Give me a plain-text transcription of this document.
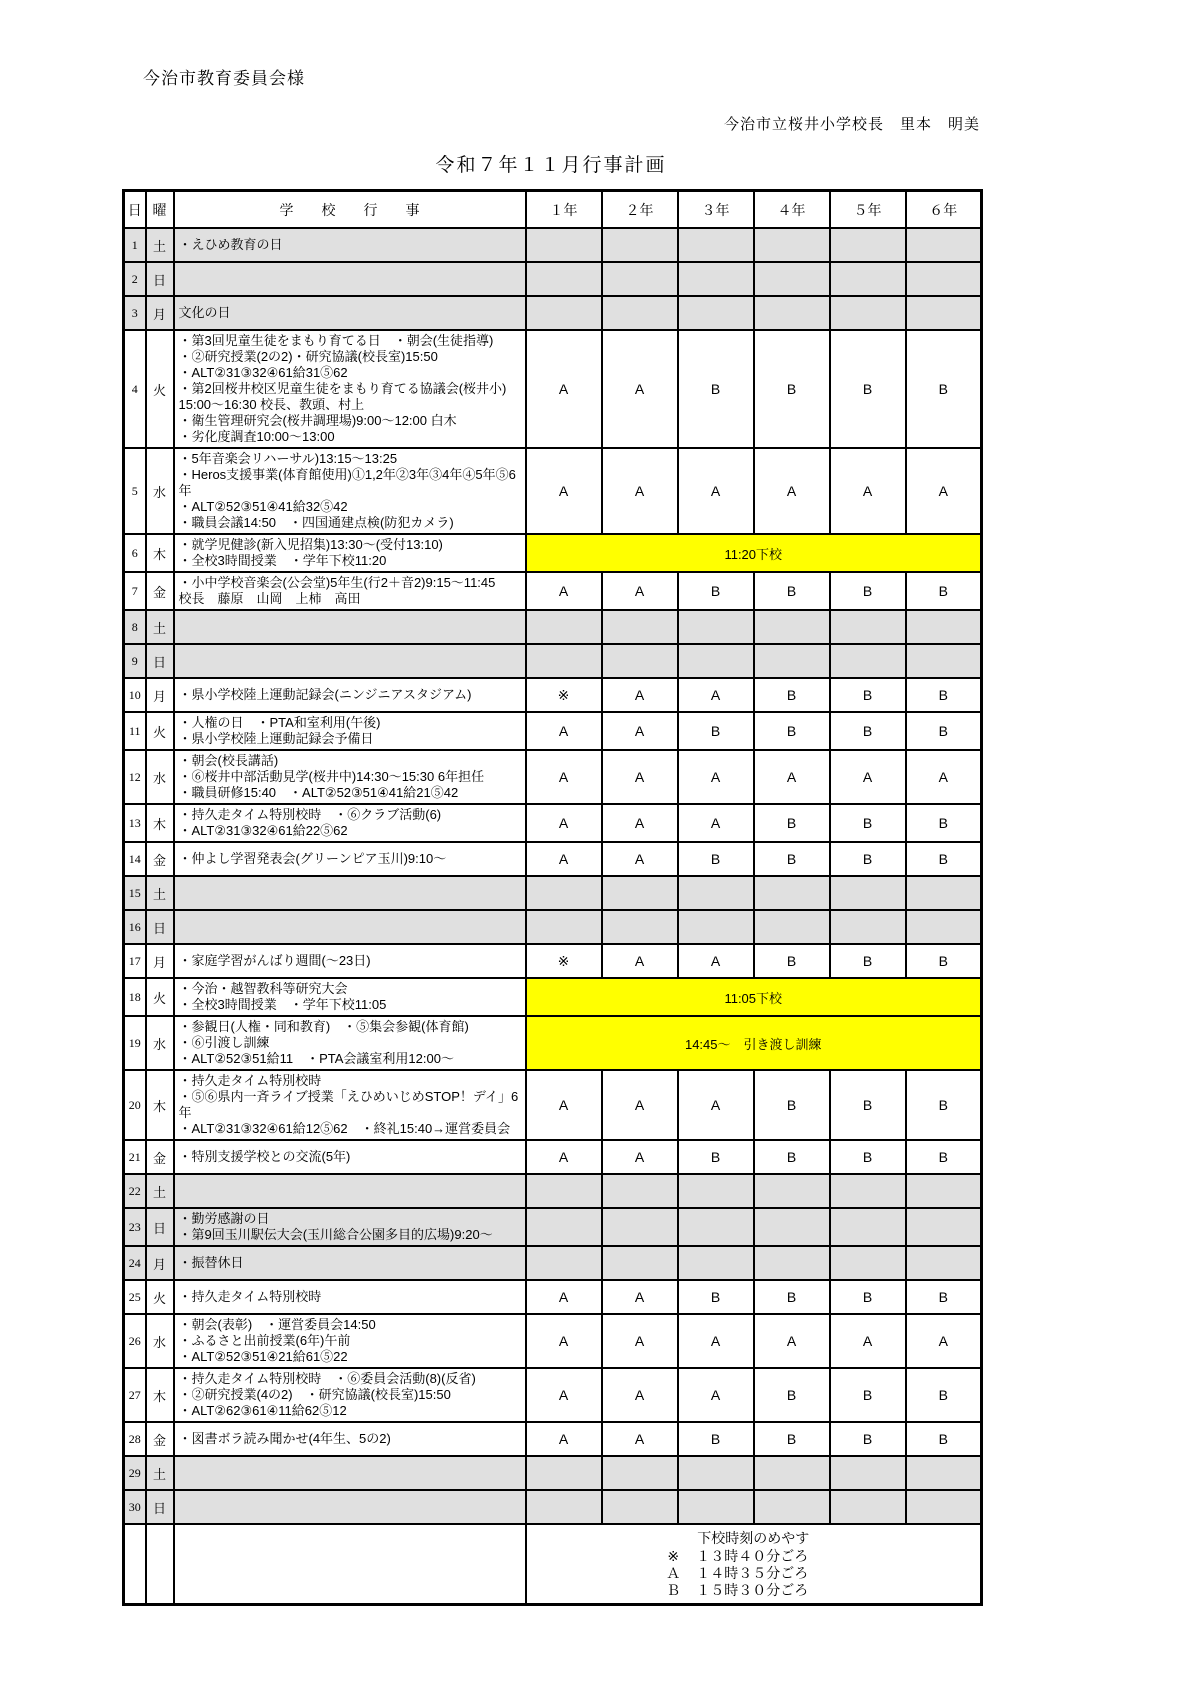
今治市教育委員会様
今治市立桜井小学校長　里本　明美
令和７年１１月行事計画
日	曜	学　　校　　行　　事	１年	２年	３年	４年	５年	６年
1	土	・えひめ教育の日						

2	日							
3	月	文化の日						

4	火	
・第3回児童生徒をまもり育てる日　・朝会(生徒指導)
・②研究授業(2の2)・研究協議(校長室)15:50
・ALT②31③32④61給31⑤62
・第2回桜井校区児童生徒をまもり育てる協議会(桜井小)
15:00～16:30 校長、教頭、村上
・衛生管理研究会(桜井調理場)9:00～12:00 白木
・劣化度調査10:00～13:00
	A	A	B	B	B	B
5	水	・5年音楽会リハーサル)13:15～13:25
・Heros支援事業(体育館使用)①1,2年②3年③4年④5年⑤6年
・ALT②52③51④41給32⑤42
・職員会議14:50　・四国通建点検(防犯カメラ)	A	A	A	A	A	A
6	木	・就学児健診(新入児招集)13:30～(受付13:10)
・全校3時間授業　・学年下校11:20	11:20下校					
7	金	・小中学校音楽会(公会堂)5年生(行2＋音2)9:15～11:45
校長　藤原　山岡　上柿　高田	A	A	B	B	B	B
8	土							
9	日							
10	月	・県小学校陸上運動記録会(ニンジニアスタジアム)	※	A	A	B	B	B
11	火	・人権の日　・PTA和室利用(午後)
・県小学校陸上運動記録会予備日	A	A	B	B	B	B
12	水	・朝会(校長講話)
・⑥桜井中部活動見学(桜井中)14:30～15:30 6年担任
・職員研修15:40　・ALT②52③51④41給21⑤42	A	A	A	A	A	A
13	木	・持久走タイム特別校時　・⑥クラブ活動(6)
・ALT②31③32④61給22⑤62	A	A	A	B	B	B
14	金	・仲よし学習発表会(グリーンピア玉川)9:10～	A	A	B	B	B	B
15	土							
16	日							
17	月	・家庭学習がんばり週間(～23日)	※	A	A	B	B	B
18	火	・今治・越智教科等研究大会
・全校3時間授業　・学年下校11:05	11:05下校					
19	水	・参観日(人権・同和教育)　・⑤集会参観(体育館)
・⑥引渡し訓練
・ALT②52③51給11　・PTA会議室利用12:00～	14:45～　引き渡し訓練					
20	木	・持久走タイム特別校時
・⑤⑥県内一斉ライブ授業「えひめいじめSTOP！デイ」6年
・ALT②31③32④61給12⑤62　・終礼15:40→運営委員会	A	A	A	B	B	B
21	金	・特別支援学校との交流(5年)	A	A	B	B	B	B
22	土							
23	日	・勤労感謝の日
・第9回玉川駅伝大会(玉川総合公園多目的広場)9:20～						

24	月	・振替休日						

25	火	・持久走タイム特別校時	A	A	B	B	B	B
26	水	・朝会(表彰)　・運営委員会14:50
・ふるさと出前授業(6年)午前
・ALT②52③51④21給61⑤22	A	A	A	A	A	A
27	木	・持久走タイム特別校時　・⑥委員会活動(8)(反省)
・②研究授業(4の2)　・研究協議(校長室)15:50
・ALT②62③61④11給62⑤12	A	A	A	B	B	B
28	金	・図書ボラ読み聞かせ(4年生、5の2)	A	A	B	B	B	B
29	土							
30	日							

下校時刻のめやす
※	１３時４０分ごろ
Ａ	１４時３５分ごろ
Ｂ	１５時３０分ごろ
